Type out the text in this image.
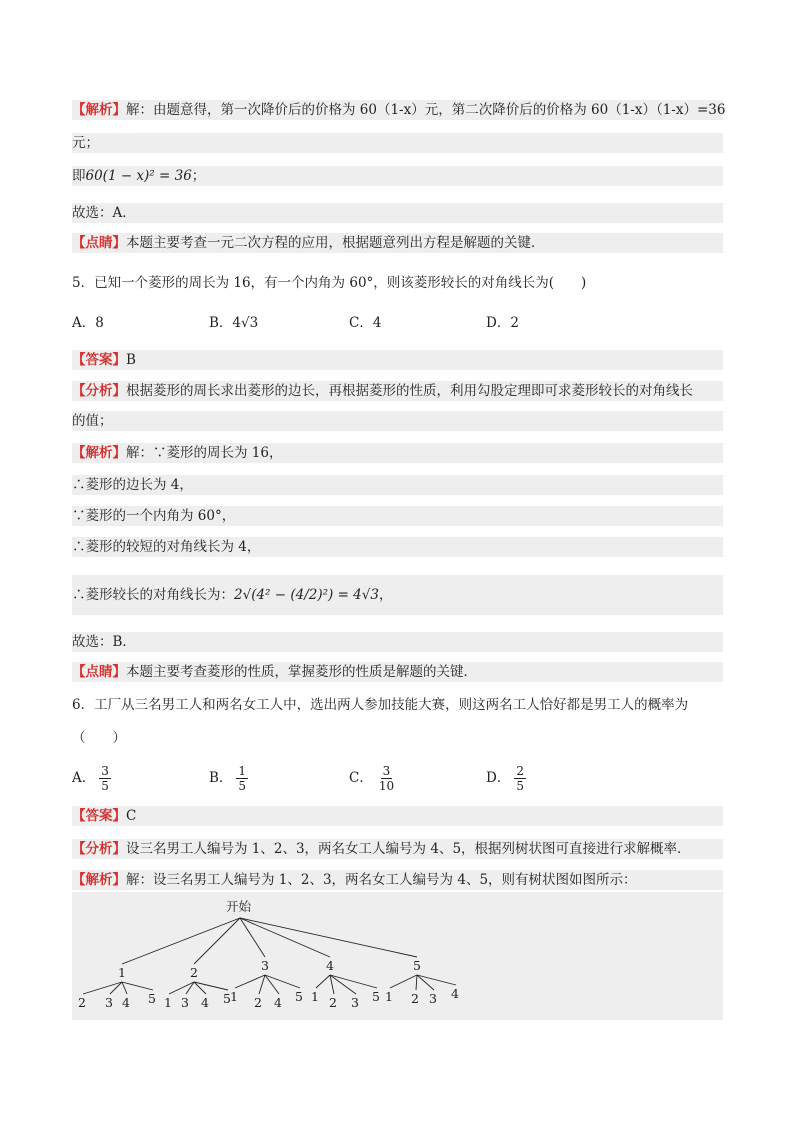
【解析】解：由题意得，第一次降价后的价格为 60（1-x）元，第二次降价后的价格为 60（1-x）（1-x）=36
元；
即60(1 − x)² = 36；
故选：A．
【点睛】本题主要考查一元二次方程的应用，根据题意列出方程是解题的关键．
5．已知一个菱形的周长为 16，有一个内角为 60°，则该菱形较长的对角线长为(　　)
A．8	B．4√3	C．4	D．2
【答案】B
【分析】根据菱形的周长求出菱形的边长，再根据菱形的性质，利用勾股定理即可求菱形较长的对角线长
的值；
【解析】解：∵菱形的周长为 16，
∴菱形的边长为 4，
∵菱形的一个内角为 60°，
∴菱形的较短的对角线长为 4，
∴菱形较长的对角线长为：2√(4² − (4/2)²) = 4√3，
故选：B．
【点睛】本题主要考查菱形的性质，掌握菱形的性质是解题的关键．
6．工厂从三名男工人和两名女工人中，选出两人参加技能大赛，则这两名工人恰好都是男工人的概率为
（　　）
A． $\frac{3}{5}$	B． $\frac{1}{5}$	C． $\frac{3}{10}$	D． $\frac{2}{5}$
【答案】C
【分析】设三名男工人编号为 1、2、3，两名女工人编号为 4、5，根据列树状图可直接进行求解概率．
【解析】解：设三名男工人编号为 1、2、3，两名女工人编号为 4、5，则有树状图如图所示：
开始
1
2 3 4 5
2
1 3 4 5
3
1 2 4 5
4
1 2 3 5
5
1 2 3 4
